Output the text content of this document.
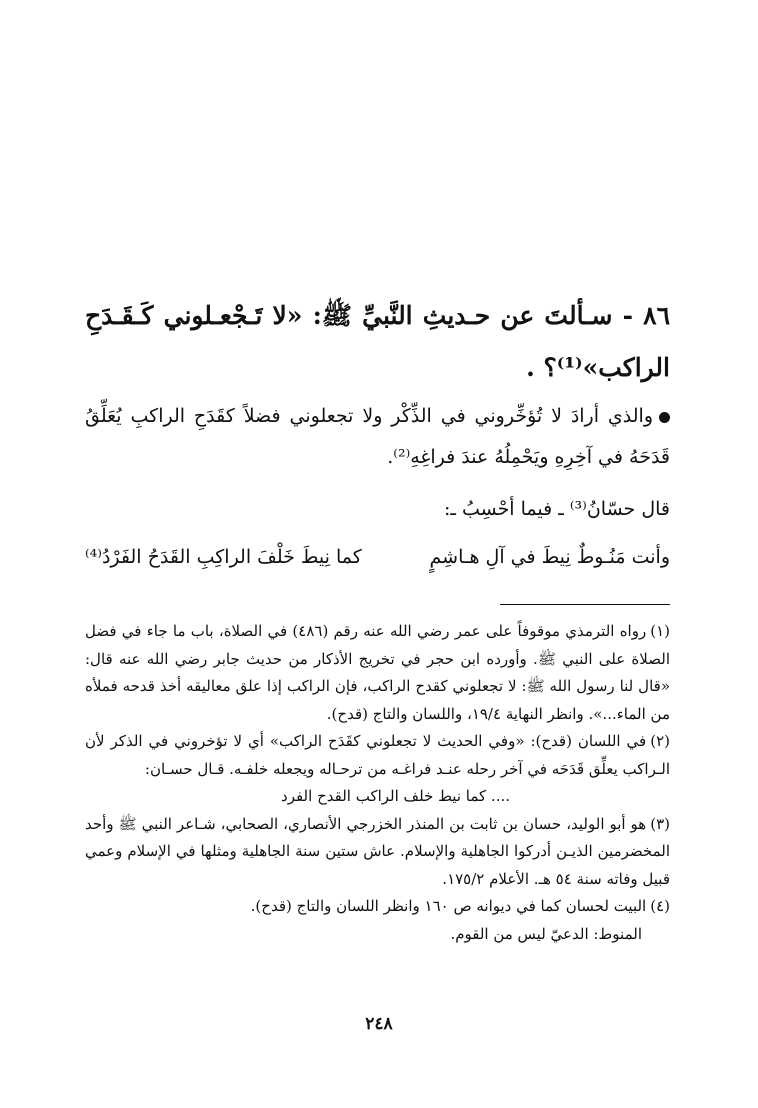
٨٦ - سـألتَ عن حـديثِ النَّبيِّ ﷺ: «لا تَـجْعـلوني كَـقَـدَحِ الراكب»⁽¹⁾؟ .
والذي أرادَ لا تُؤخِّروني في الذِّكْر ولا تجعلوني فضلاً كقَدَحِ الراكبِ يُعَلِّقُ قَدَحَهُ في آخِرِهِ ويَحْمِلُهُ عندَ فراغِهِ⁽²⁾.
قال حسّانُ⁽³⁾ ـ فيما أحْسِبُ ـ:
وأنت مَنُـوطٌ نِيطَ في آلِ هـاشِمٍ
كما نِيطَ خَلْفَ الراكِبِ القَدَحُ الفَرْدُ⁽⁴⁾

(١)رواه الترمذي موقوفاً على عمر رضي الله عنه رقم (٤٨٦) في الصلاة، باب ما جاء في فضل الصلاة على النبي ﷺ. وأورده ابن حجر في تخريج الأذكار من حديث جابر رضي الله عنه قال: «قال لنا رسول الله ﷺ: لا تجعلوني كقدح الراكب، فإن الراكب إذا علق معاليقه أخذ قدحه فملأه من الماء...». وانظر النهاية ١٩/٤، واللسان والتاج (قدح).

(٢)في اللسان (قدح): «وفي الحديث لا تجعلوني كقَدَح الراكب» أي لا تؤخروني في الذكر لأن الـراكب يعلِّق قَدَحَه في آخر رحله عنـد فراغـه من ترحـاله ويجعله خلفـه. قـال حسـان:

.... كما نيط خلف الراكب القدح الفرد

(٣)هو أبو الوليد، حسان بن ثابت بن المنذر الخزرجي الأنصاري، الصحابي، شـاعر النبي ﷺ وأحد المخضرمين الذيـن أدركوا الجاهلية والإسلام. عاش ستين سنة الجاهلية ومثلها في الإسلام وعمي قبيل وفاته سنة ٥٤ هـ. الأعلام ١٧٥/٢.

(٤)البيت لحسان كما في ديوانه ص ١٦٠ وانظر اللسان والتاج (قدح).

المنوط: الدعيّ ليس من القوم.

٢٤٨
